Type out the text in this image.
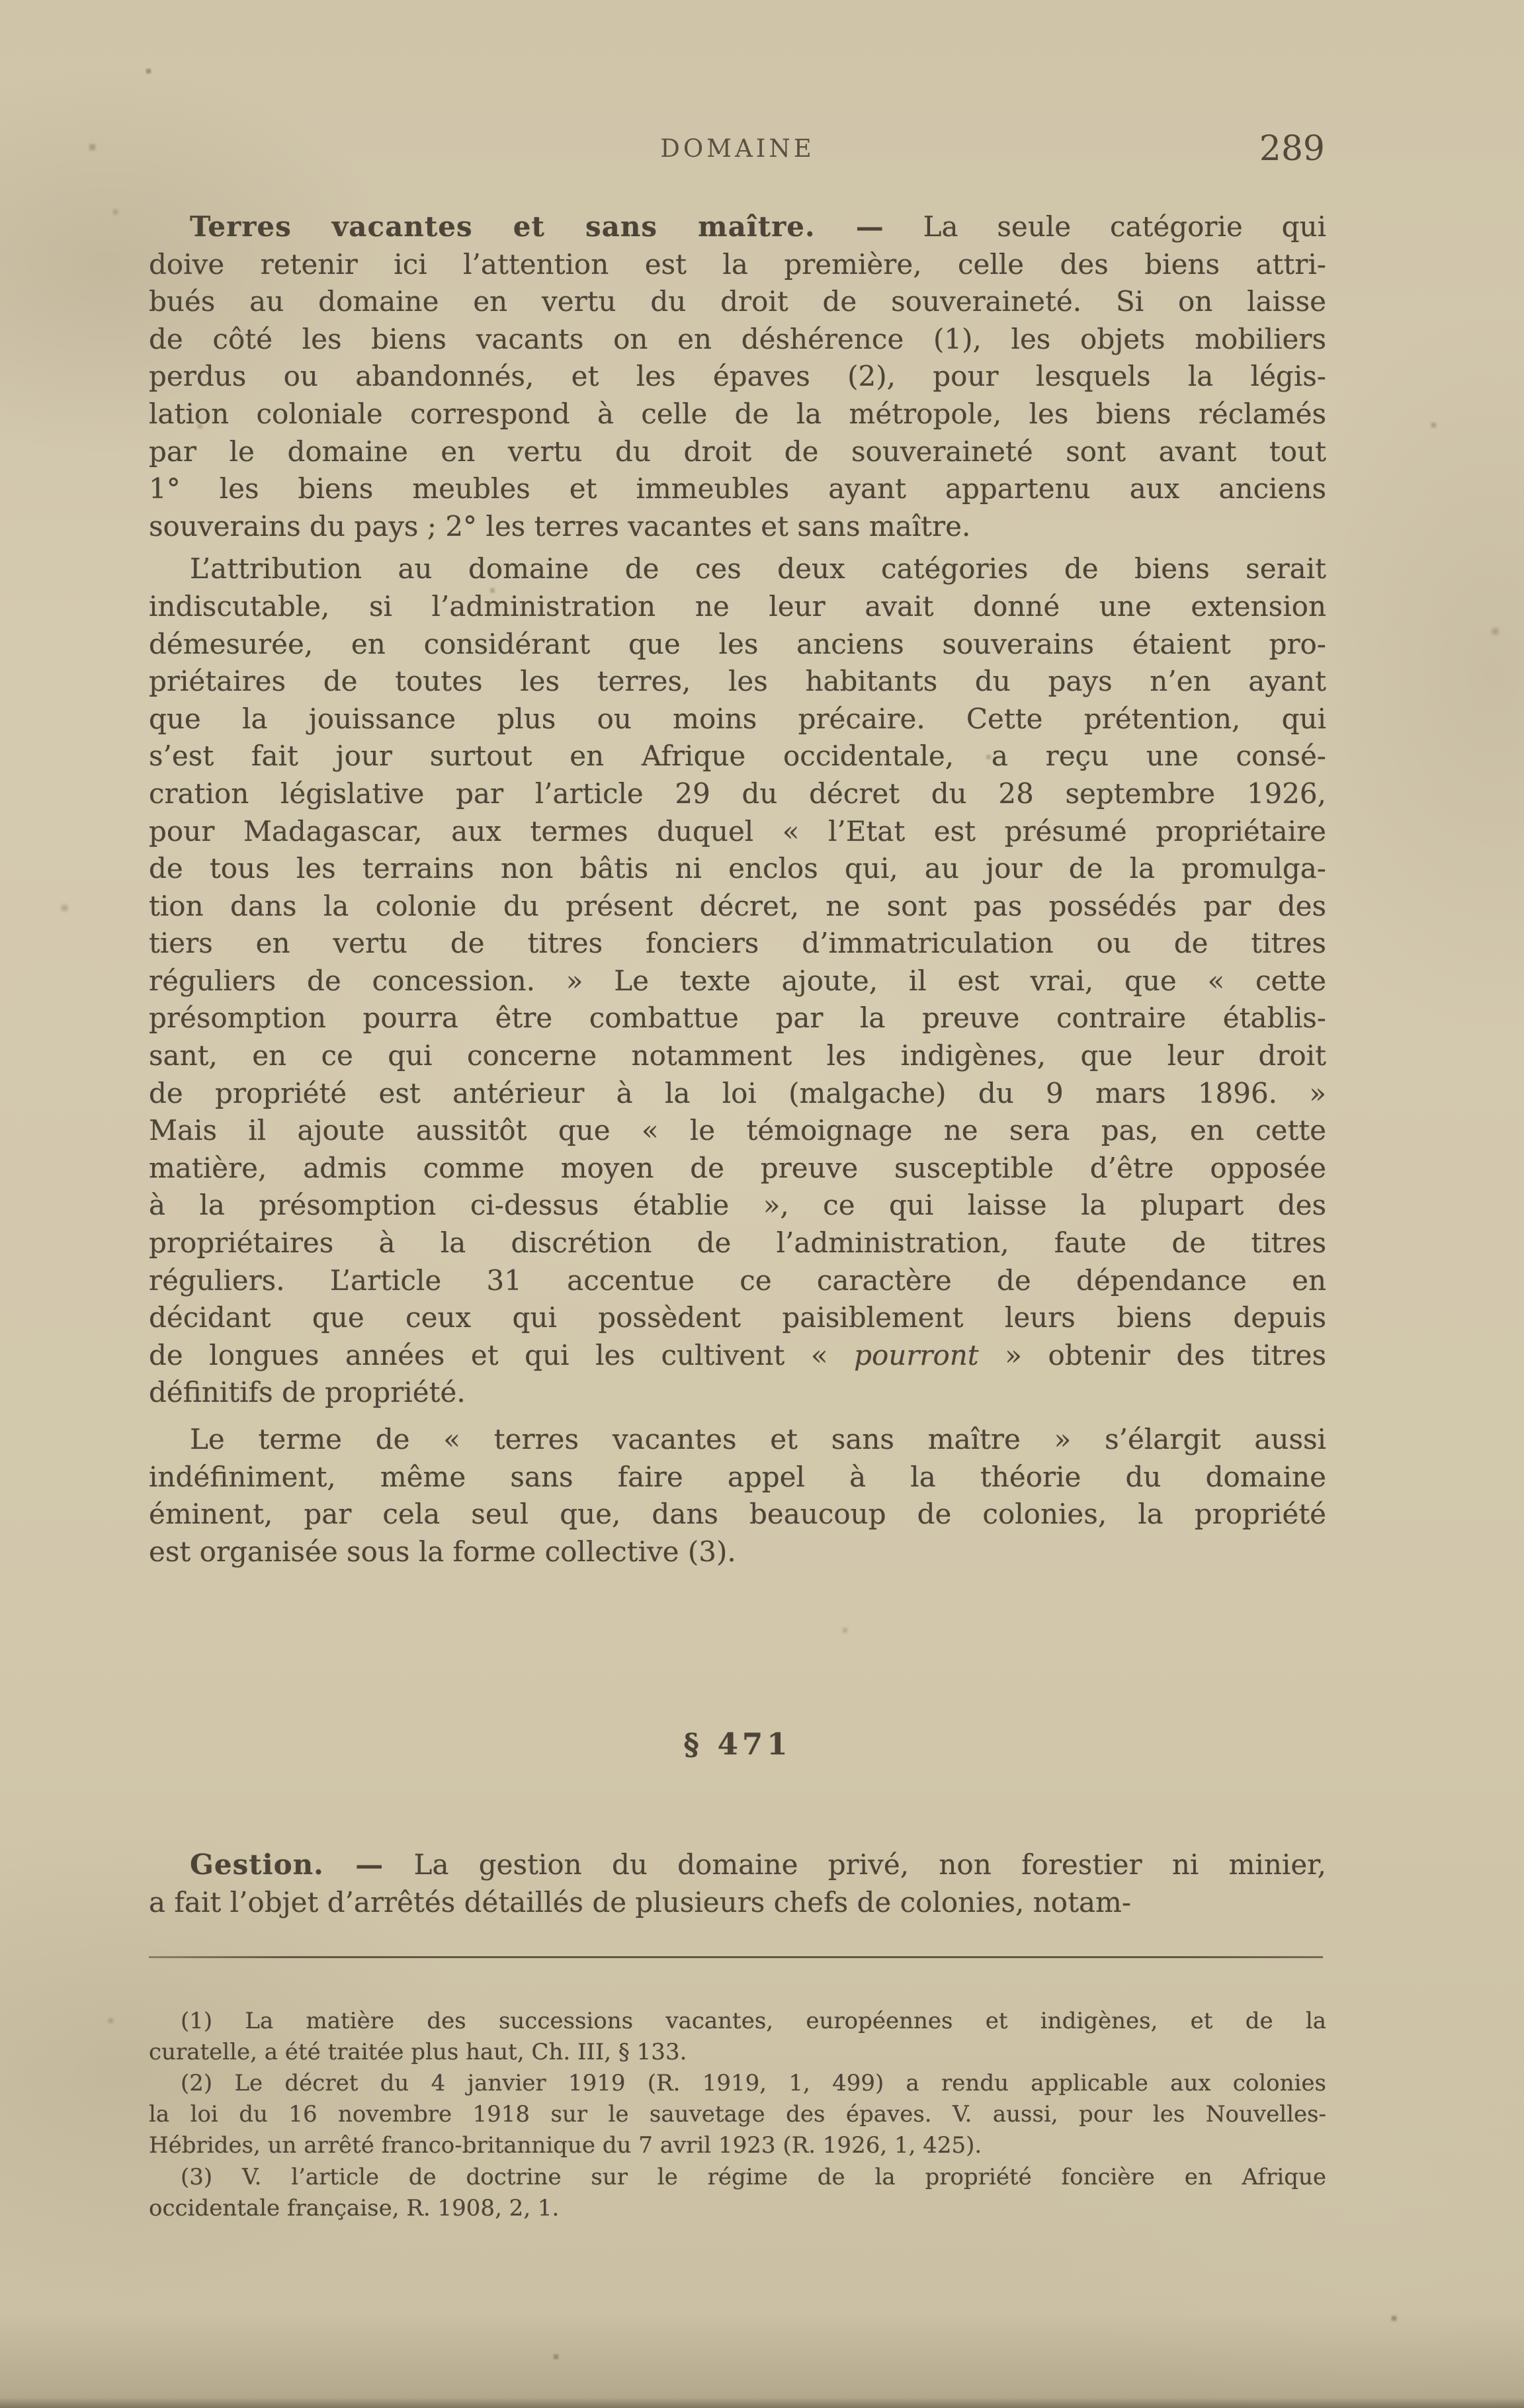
DOMAINE	289
Terres vacantes et sans maître. — La seule catégorie qui
doive retenir ici l’attention est la première, celle des biens attri-
bués au domaine en vertu du droit de souveraineté. Si on laisse
de côté les biens vacants on en déshérence (1), les objets mobiliers
perdus ou abandonnés, et les épaves (2), pour lesquels la légis-
lation coloniale correspond à celle de la métropole, les biens réclamés
par le domaine en vertu du droit de souveraineté sont avant tout
1° les biens meubles et immeubles ayant appartenu aux anciens
souverains du pays ; 2° les terres vacantes et sans maître.
L’attribution au domaine de ces deux catégories de biens serait
indiscutable, si l’administration ne leur avait donné une extension
démesurée, en considérant que les anciens souverains étaient pro-
priétaires de toutes les terres, les habitants du pays n’en ayant
que la jouissance plus ou moins précaire. Cette prétention, qui
s’est fait jour surtout en Afrique occidentale, a reçu une consé-
cration législative par l’article 29 du décret du 28 septembre 1926,
pour Madagascar, aux termes duquel « l’Etat est présumé propriétaire
de tous les terrains non bâtis ni enclos qui, au jour de la promulga-
tion dans la colonie du présent décret, ne sont pas possédés par des
tiers en vertu de titres fonciers d’immatriculation ou de titres
réguliers de concession. » Le texte ajoute, il est vrai, que « cette
présomption pourra être combattue par la preuve contraire établis-
sant, en ce qui concerne notamment les indigènes, que leur droit
de propriété est antérieur à la loi (malgache) du 9 mars 1896. »
Mais il ajoute aussitôt que « le témoignage ne sera pas, en cette
matière, admis comme moyen de preuve susceptible d’être opposée
à la présomption ci-dessus établie », ce qui laisse la plupart des
propriétaires à la discrétion de l’administration, faute de titres
réguliers. L’article 31 accentue ce caractère de dépendance en
décidant que ceux qui possèdent paisiblement leurs biens depuis
de longues années et qui les cultivent « pourront » obtenir des titres
définitifs de propriété.
Le terme de « terres vacantes et sans maître » s’élargit aussi
indéfiniment, même sans faire appel à la théorie du domaine
éminent, par cela seul que, dans beaucoup de colonies, la propriété
est organisée sous la forme collective (3).
§ 471
Gestion. — La gestion du domaine privé, non forestier ni minier,
a fait l’objet d’arrêtés détaillés de plusieurs chefs de colonies, notam-
(1) La matière des successions vacantes, européennes et indigènes, et de la
curatelle, a été traitée plus haut, Ch. III, § 133.
(2) Le décret du 4 janvier 1919 (R. 1919, 1, 499) a rendu applicable aux colonies
la loi du 16 novembre 1918 sur le sauvetage des épaves. V. aussi, pour les Nouvelles-
Hébrides, un arrêté franco-britannique du 7 avril 1923 (R. 1926, 1, 425).
(3) V. l’article de doctrine sur le régime de la propriété foncière en Afrique
occidentale française, R. 1908, 2, 1.
